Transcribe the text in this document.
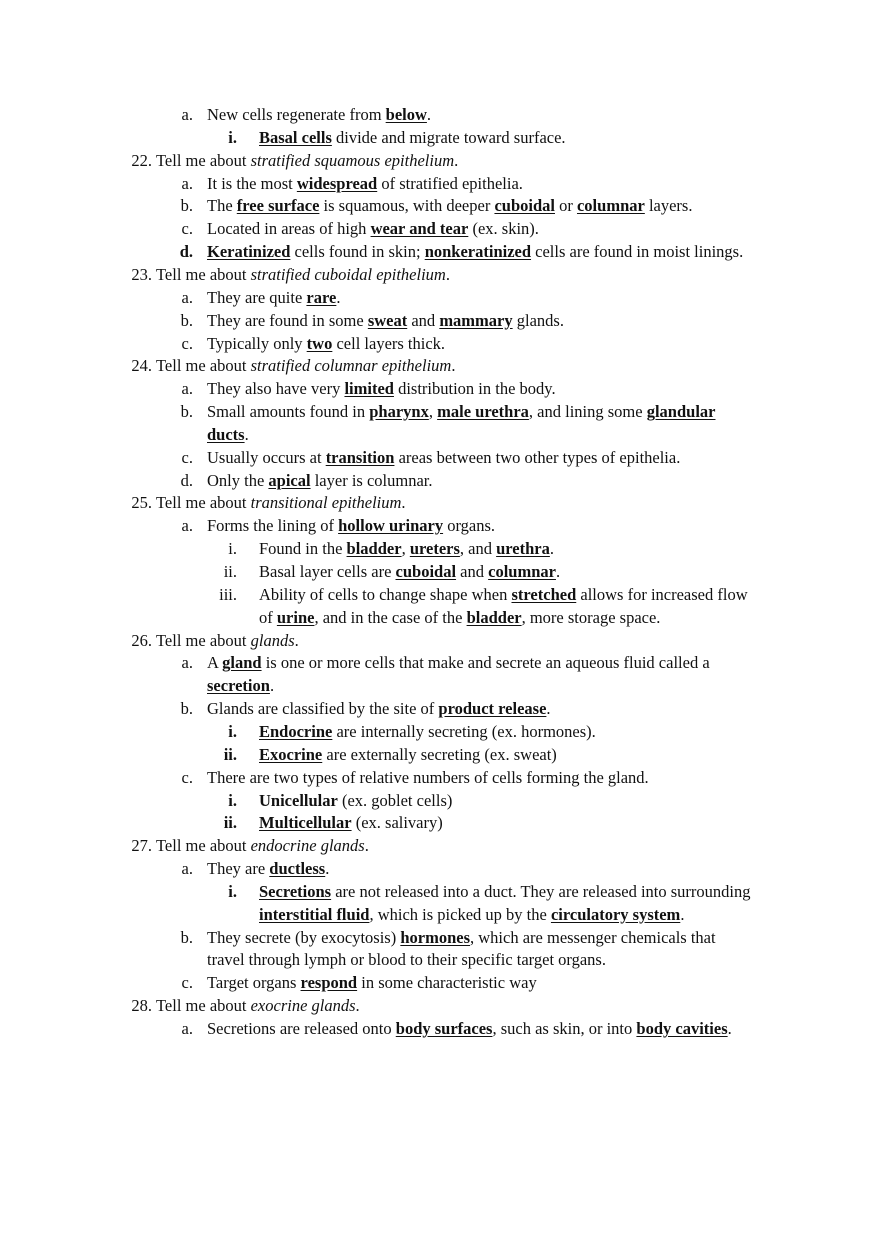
a. New cells regenerate from below.
i. Basal cells divide and migrate toward surface.
22. Tell me about stratified squamous epithelium.
a. It is the most widespread of stratified epithelia.
b. The free surface is squamous, with deeper cuboidal or columnar layers.
c. Located in areas of high wear and tear (ex. skin).
d. Keratinized cells found in skin; nonkeratinized cells are found in moist linings.
23. Tell me about stratified cuboidal epithelium.
a. They are quite rare.
b. They are found in some sweat and mammary glands.
c. Typically only two cell layers thick.
24. Tell me about stratified columnar epithelium.
a. They also have very limited distribution in the body.
b. Small amounts found in pharynx, male urethra, and lining some glandular
ducts.
c. Usually occurs at transition areas between two other types of epithelia.
d. Only the apical layer is columnar.
25. Tell me about transitional epithelium.
a. Forms the lining of hollow urinary organs.
i. Found in the bladder, ureters, and urethra.
ii. Basal layer cells are cuboidal and columnar.
iii. Ability of cells to change shape when stretched allows for increased flow
of urine, and in the case of the bladder, more storage space.
26. Tell me about glands.
a. A gland is one or more cells that make and secrete an aqueous fluid called a
secretion.
b. Glands are classified by the site of product release.
i. Endocrine are internally secreting (ex. hormones).
ii. Exocrine are externally secreting (ex. sweat)
c. There are two types of relative numbers of cells forming the gland.
i. Unicellular (ex. goblet cells)
ii. Multicellular (ex. salivary)
27. Tell me about endocrine glands.
a. They are ductless.
i. Secretions are not released into a duct. They are released into surrounding
interstitial fluid, which is picked up by the circulatory system.
b. They secrete (by exocytosis) hormones, which are messenger chemicals that
travel through lymph or blood to their specific target organs.
c. Target organs respond in some characteristic way
28. Tell me about exocrine glands.
a. Secretions are released onto body surfaces, such as skin, or into body cavities.
